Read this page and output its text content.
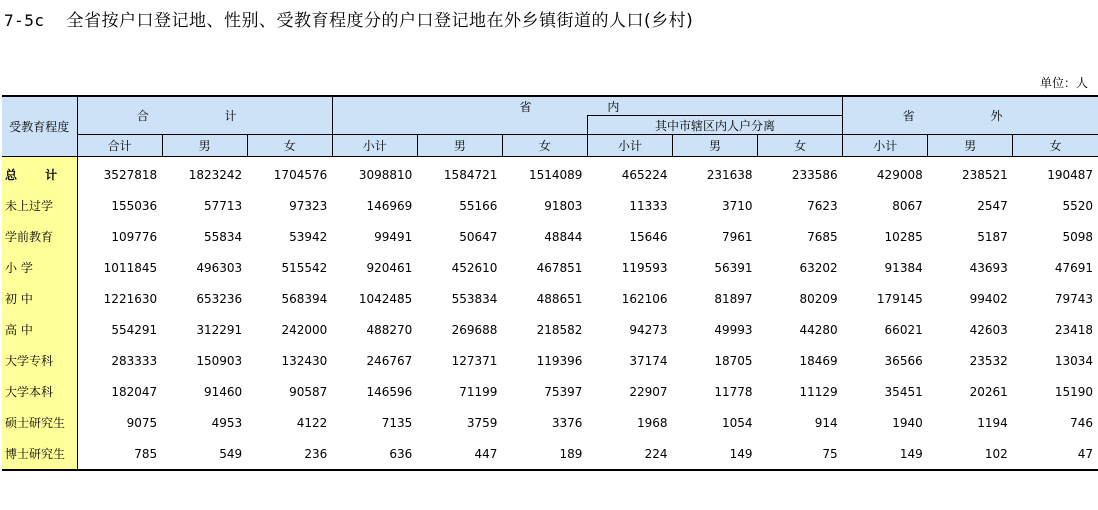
7-5c 全省按户口登记地、性别、受教育程度分的户口登记地在外乡镇街道的人口(乡村)
单位：人
受教育程度	合 计			省 内						省 外		
							其中市辖区内人户分离					
	合计	男	女	小计	男	女	小计	男	女	小计	男	女
总 计	3527818	1823242	1704576	3098810	1584721	1514089	465224	231638	233586	429008	238521	190487
未上过学	155036	57713	97323	146969	55166	91803	11333	3710	7623	8067	2547	5520
学前教育	109776	55834	53942	99491	50647	48844	15646	7961	7685	10285	5187	5098
小 学	1011845	496303	515542	920461	452610	467851	119593	56391	63202	91384	43693	47691
初 中	1221630	653236	568394	1042485	553834	488651	162106	81897	80209	179145	99402	79743
高 中	554291	312291	242000	488270	269688	218582	94273	49993	44280	66021	42603	23418
大学专科	283333	150903	132430	246767	127371	119396	37174	18705	18469	36566	23532	13034
大学本科	182047	91460	90587	146596	71199	75397	22907	11778	11129	35451	20261	15190
硕士研究生	9075	4953	4122	7135	3759	3376	1968	1054	914	1940	1194	746
博士研究生	785	549	236	636	447	189	224	149	75	149	102	47
